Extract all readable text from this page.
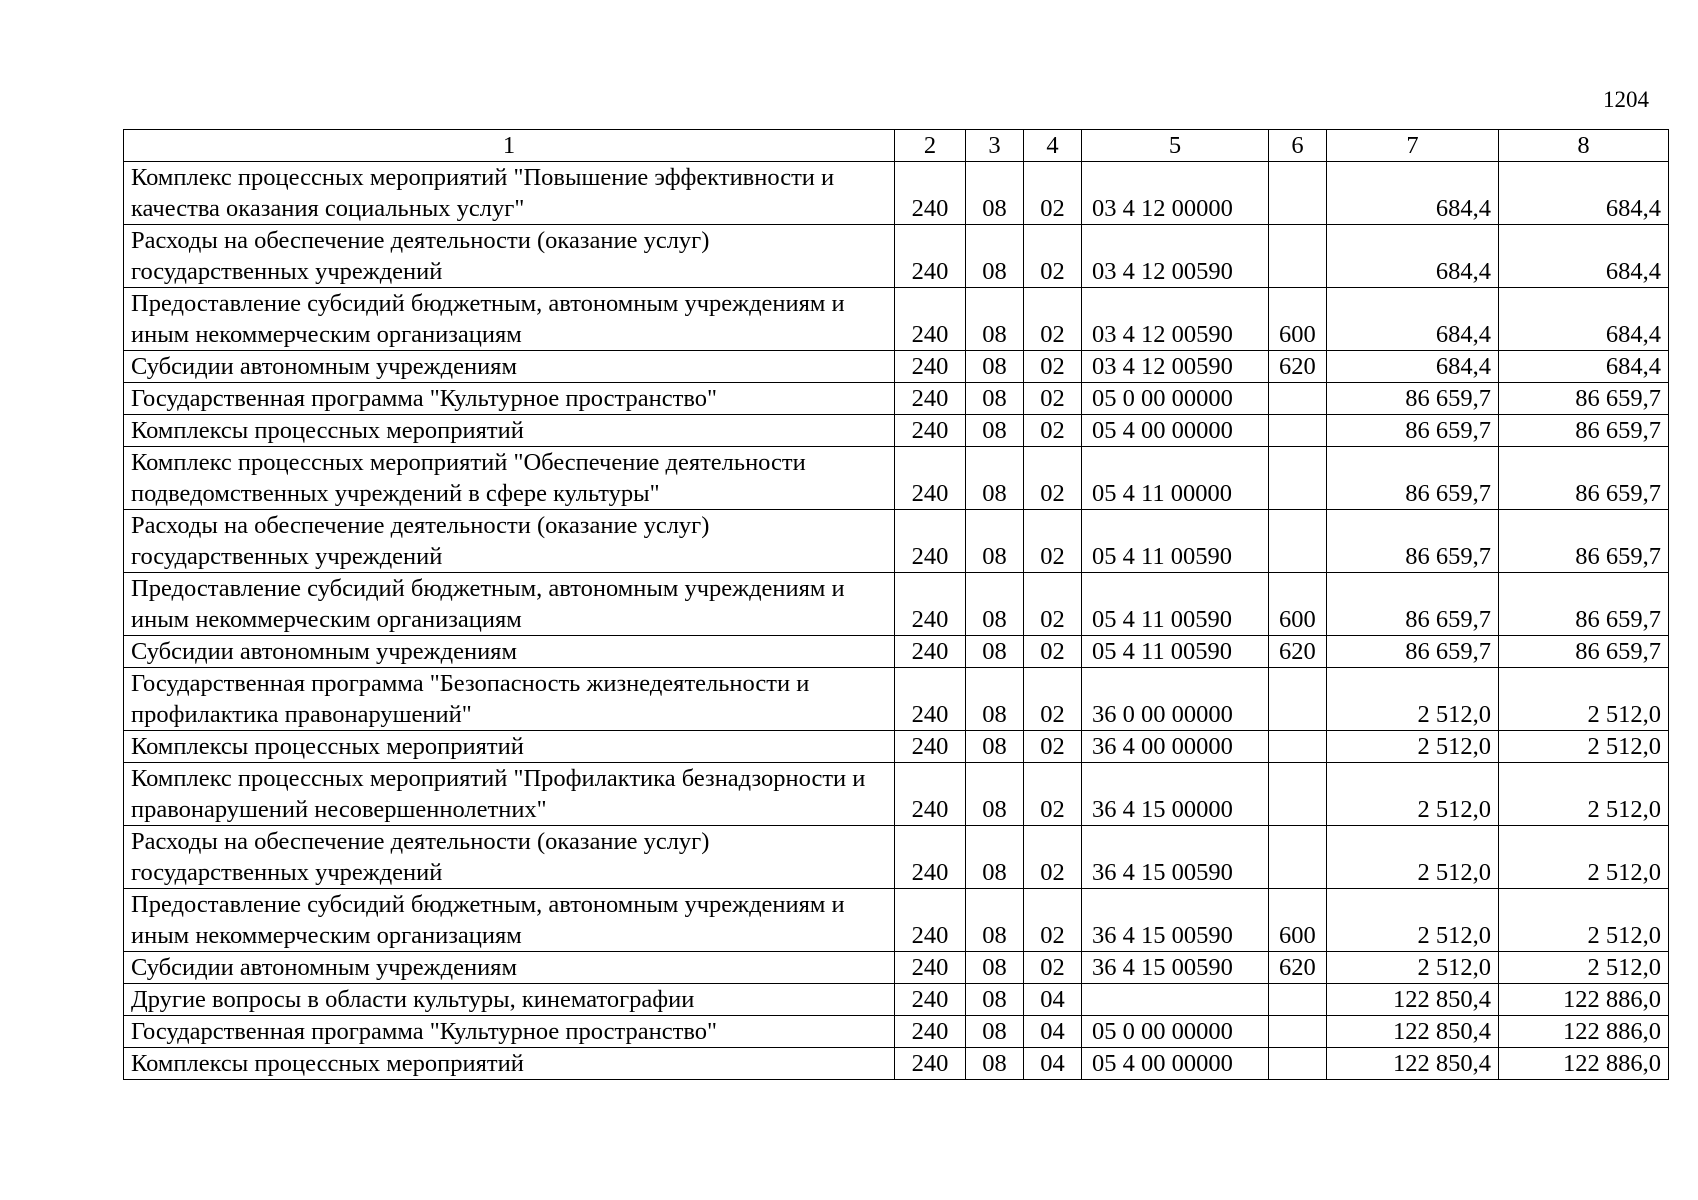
1204
1	2	3	4	5	6	7	8
Комплекс процессных мероприятий "Повышение эффективности и качества оказания социальных услуг"	240	08	02	03 4 12 00000		684,4	684,4
Расходы на обеспечение деятельности (оказание услуг) государственных учреждений	240	08	02	03 4 12 00590		684,4	684,4
Предоставление субсидий бюджетным, автономным учреждениям и иным некоммерческим организациям	240	08	02	03 4 12 00590	600	684,4	684,4
Субсидии автономным учреждениям	240	08	02	03 4 12 00590	620	684,4	684,4
Государственная программа "Культурное пространство"	240	08	02	05 0 00 00000		86 659,7	86 659,7
Комплексы процессных мероприятий	240	08	02	05 4 00 00000		86 659,7	86 659,7
Комплекс процессных мероприятий "Обеспечение деятельности подведомственных учреждений в сфере культуры"	240	08	02	05 4 11 00000		86 659,7	86 659,7
Расходы на обеспечение деятельности (оказание услуг) государственных учреждений	240	08	02	05 4 11 00590		86 659,7	86 659,7
Предоставление субсидий бюджетным, автономным учреждениям и иным некоммерческим организациям	240	08	02	05 4 11 00590	600	86 659,7	86 659,7
Субсидии автономным учреждениям	240	08	02	05 4 11 00590	620	86 659,7	86 659,7
Государственная программа "Безопасность жизнедеятельности и профилактика правонарушений"	240	08	02	36 0 00 00000		2 512,0	2 512,0
Комплексы процессных мероприятий	240	08	02	36 4 00 00000		2 512,0	2 512,0
Комплекс процессных мероприятий "Профилактика безнадзорности и правонарушений несовершеннолетних"	240	08	02	36 4 15 00000		2 512,0	2 512,0
Расходы на обеспечение деятельности (оказание услуг) государственных учреждений	240	08	02	36 4 15 00590		2 512,0	2 512,0
Предоставление субсидий бюджетным, автономным учреждениям и иным некоммерческим организациям	240	08	02	36 4 15 00590	600	2 512,0	2 512,0
Субсидии автономным учреждениям	240	08	02	36 4 15 00590	620	2 512,0	2 512,0
Другие вопросы в области культуры, кинематографии	240	08	04			122 850,4	122 886,0
Государственная программа "Культурное пространство"	240	08	04	05 0 00 00000		122 850,4	122 886,0
Комплексы процессных мероприятий	240	08	04	05 4 00 00000		122 850,4	122 886,0
